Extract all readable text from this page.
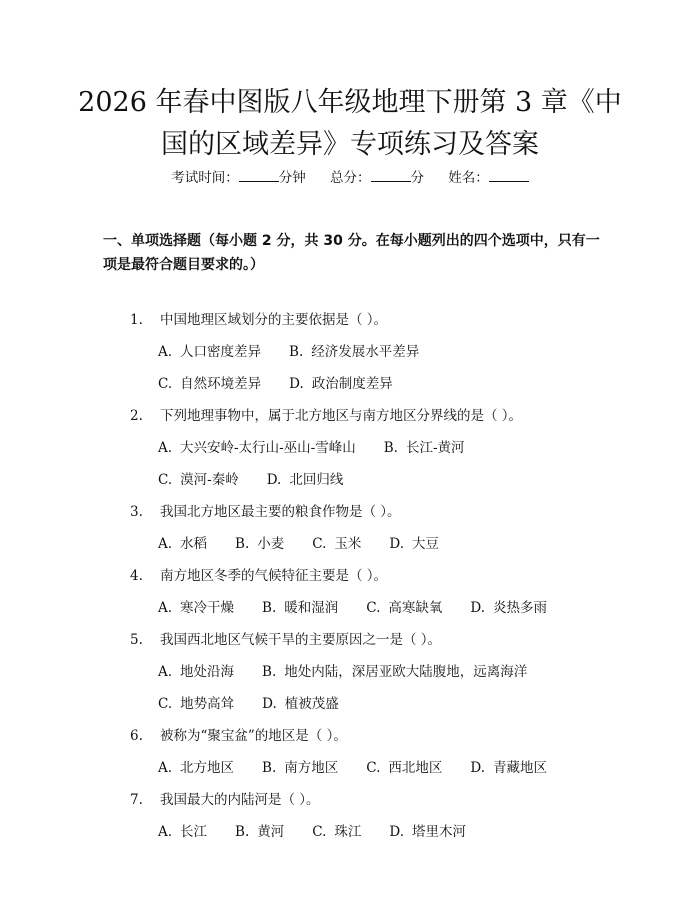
2026 年春中图版八年级地理下册第 3 章《中国的区域差异》专项练习及答案
考试时间：	分钟 总分：	分 姓名：
一、单项选择题（每小题 2 分，共 30 分。在每小题列出的四个选项中，只有一项是最符合题目要求的。）
1. 中国地理区域划分的主要依据是（ ）。
A. 人口密度差异 B. 经济发展水平差异
C. 自然环境差异 D. 政治制度差异
2. 下列地理事物中，属于北方地区与南方地区分界线的是（ ）。
A. 大兴安岭-太行山-巫山-雪峰山 B. 长江-黄河
C. 漠河-秦岭 D. 北回归线
3. 我国北方地区最主要的粮食作物是（ ）。
A. 水稻 B. 小麦 C. 玉米 D. 大豆
4. 南方地区冬季的气候特征主要是（ ）。
A. 寒冷干燥 B. 暖和湿润 C. 高寒缺氧 D. 炎热多雨
5. 我国西北地区气候干旱的主要原因之一是（ ）。
A. 地处沿海 B. 地处内陆，深居亚欧大陆腹地，远离海洋
C. 地势高耸 D. 植被茂盛
6. 被称为“聚宝盆”的地区是（ ）。
A. 北方地区 B. 南方地区 C. 西北地区 D. 青藏地区
7. 我国最大的内陆河是（ ）。
A. 长江 B. 黄河 C. 珠江 D. 塔里木河
